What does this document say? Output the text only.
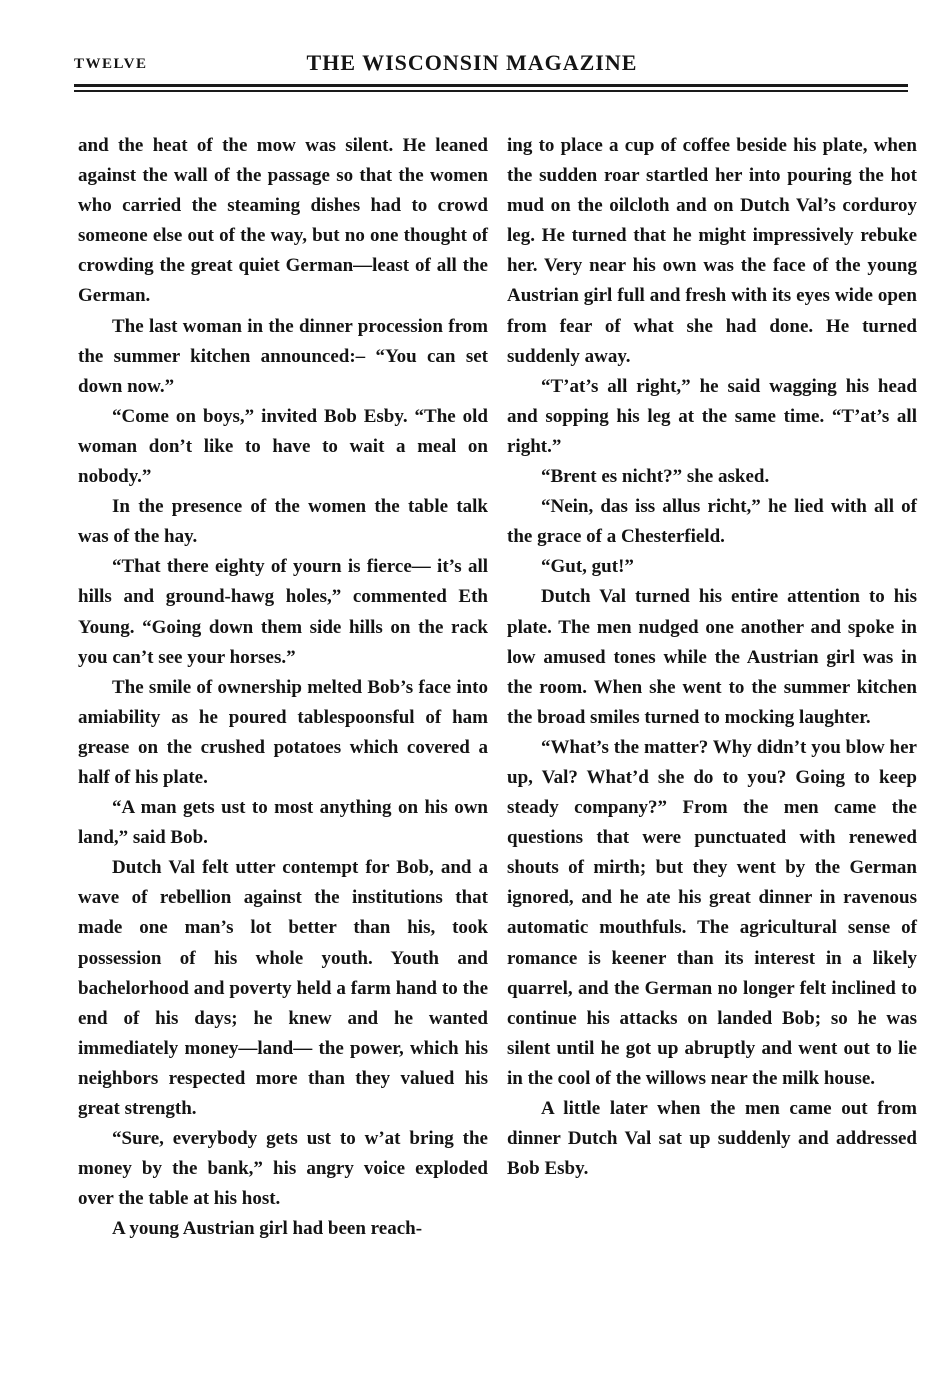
TWELVE	THE WISCONSIN MAGAZINE

and the heat of the mow was silent. He leaned against the wall of the passage so that the women who carried the steaming dishes had to crowd someone else out of the way, but no one thought of crowding the great quiet German—least of all the German.

The last woman in the dinner procession from the summer kitchen announced:– “You can set down now.”

“Come on boys,” invited Bob Esby. “The old woman don’t like to have to wait a meal on nobody.”

In the presence of the women the table talk was of the hay.

“That there eighty of yourn is fierce— it’s all hills and ground-hawg holes,” commented Eth Young. “Going down them side hills on the rack you can’t see your horses.”

The smile of ownership melted Bob’s face into amiability as he poured tablespoonsful of ham grease on the crushed potatoes which covered a half of his plate.

“A man gets ust to most anything on his own land,” said Bob.

Dutch Val felt utter contempt for Bob, and a wave of rebellion against the institutions that made one man’s lot better than his, took possession of his whole youth. Youth and bachelorhood and poverty held a farm hand to the end of his days; he knew and he wanted immediately money—land— the power, which his neighbors respected more than they valued his great strength.

“Sure, everybody gets ust to w’at bring the money by the bank,” his angry voice exploded over the table at his host.

A young Austrian girl had been reach-

ing to place a cup of coffee beside his plate, when the sudden roar startled her into pouring the hot mud on the oilcloth and on Dutch Val’s corduroy leg. He turned that he might impressively rebuke her. Very near his own was the face of the young Austrian girl full and fresh with its eyes wide open from fear of what she had done. He turned suddenly away.

“T’at’s all right,” he said wagging his head and sopping his leg at the same time. “T’at’s all right.”

“Brent es nicht?” she asked.

“Nein, das iss allus richt,” he lied with all of the grace of a Chesterfield.

“Gut, gut!”

Dutch Val turned his entire attention to his plate. The men nudged one another and spoke in low amused tones while the Austrian girl was in the room. When she went to the summer kitchen the broad smiles turned to mocking laughter.

“What’s the matter? Why didn’t you blow her up, Val? What’d she do to you? Going to keep steady company?” From the men came the questions that were punctuated with renewed shouts of mirth; but they went by the German ignored, and he ate his great dinner in ravenous automatic mouthfuls. The agricultural sense of romance is keener than its interest in a likely quarrel, and the German no longer felt inclined to continue his attacks on landed Bob; so he was silent until he got up abruptly and went out to lie in the cool of the willows near the milk house.

A little later when the men came out from dinner Dutch Val sat up suddenly and addressed Bob Esby.
